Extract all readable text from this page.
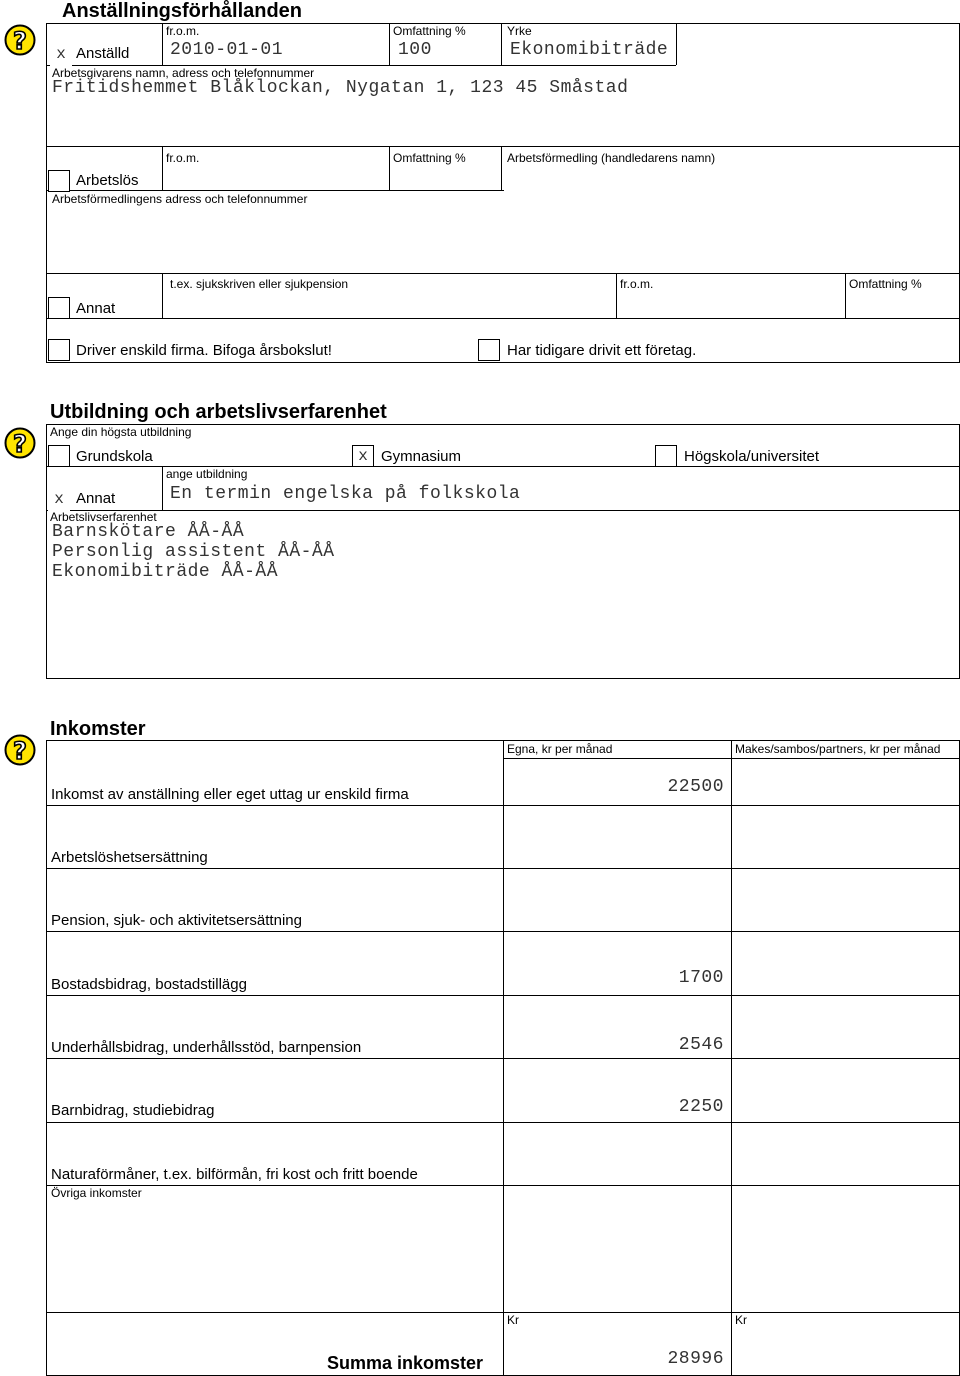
Anställningsförhållanden
fr.o.m.	Omfattning %	Yrke
x Anställd 2010-01-01	100	Ekonomibiträde
Arbetsgivarens namn, adress och telefonnummer
Fritidshemmet Blåklockan, Nygatan 1, 123 45 Småstad
fr.o.m.	Omfattning %	Arbetsförmedling (handledarens namn)
Arbetslös
Arbetsförmedlingens adress och telefonnummer
t.ex. sjukskriven eller sjukpension	fr.o.m.	Omfattning %
Annat
Driver enskild firma. Bifoga årsbokslut!	Har tidigare drivit ett företag.
Utbildning och arbetslivserfarenhet
Ange din högsta utbildning
Grundskola	x Gymnasium	Högskola/universitet
ange utbildning
x Annat	En termin engelska på folkskola
Arbetslivserfarenhet
Barnskötare ÅÅ-ÅÅ
Personlig assistent ÅÅ-ÅÅ
Ekonomibiträde ÅÅ-ÅÅ
Inkomster
Egna, kr per månad	Makes/sambos/partners, kr per månad
Inkomst av anställning eller eget uttag ur enskild firma	22500
Arbetslöshetsersättning
Pension, sjuk- och aktivitetsersättning
Bostadsbidrag, bostadstillägg	1700
Underhållsbidrag, underhållsstöd, barnpension	2546
Barnbidrag, studiebidrag	2250
Naturaförmåner, t.ex. bilförmån, fri kost och fritt boende
Övriga inkomster
Kr	Kr
Summa inkomster	28996
